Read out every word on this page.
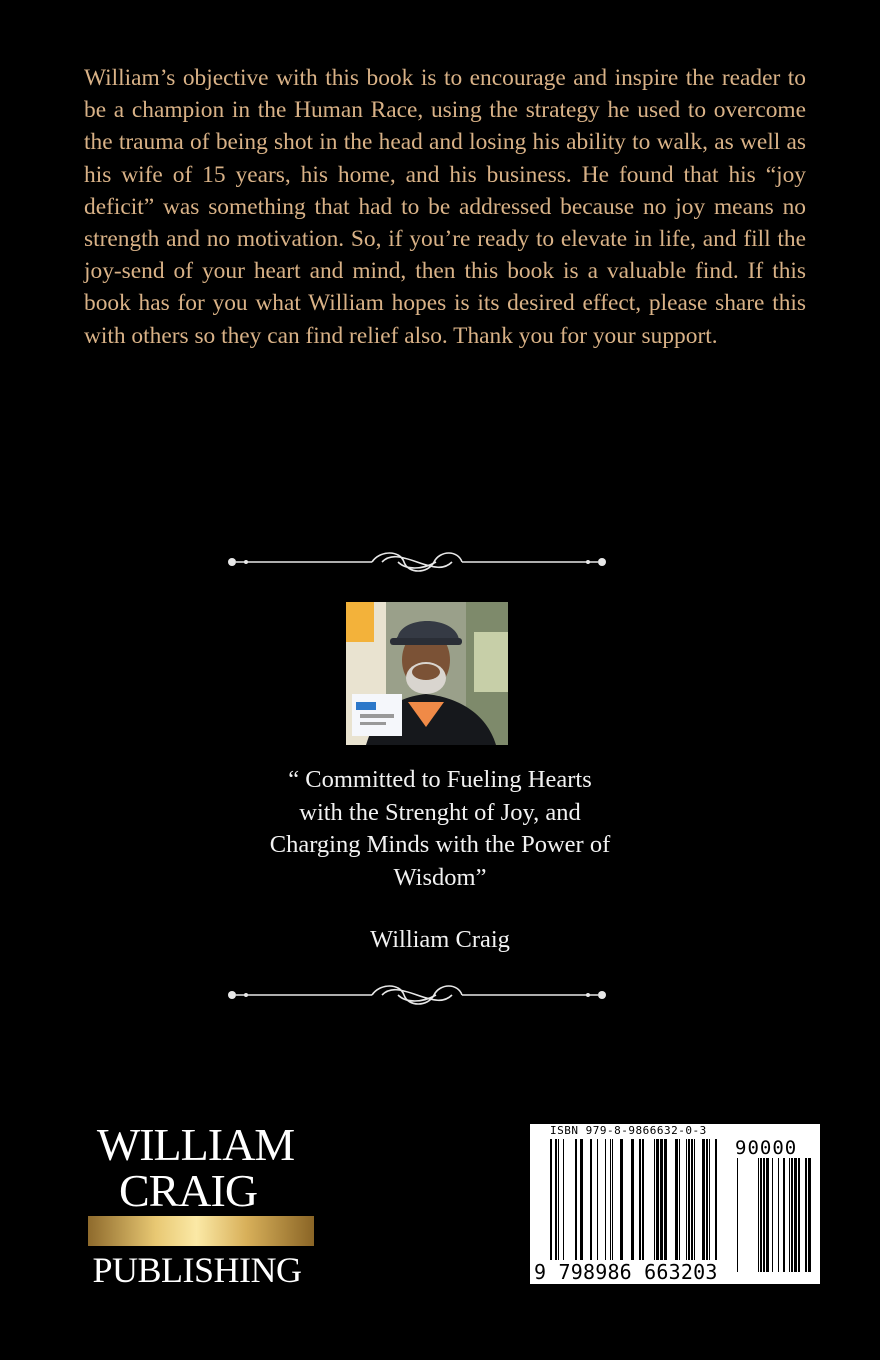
William’s objective with this book is to encourage and inspire the reader to be a champion in the Human Race, using the strategy he used to overcome the trauma of being shot in the head and losing his ability to walk, as well as his wife of 15 years, his home, and his business. He found that his “joy deficit” was something that had to be addressed because no joy means no strength and no motivation. So, if you’re ready to elevate in life, and fill the joy-send of your heart and mind, then this book is a valuable find. If this book has for you what William hopes is its desired effect, please share this with others so they can find relief also. Thank you for your support.

“ Committed to Fueling Hearts
with the Strenght of Joy, and
Charging Minds with the Power of
Wisdom”

William Craig
WILLIAM
CRAIG
PUBLISHING
ISBN 979-8-9866632-0-3
90000
9 798986 663203
